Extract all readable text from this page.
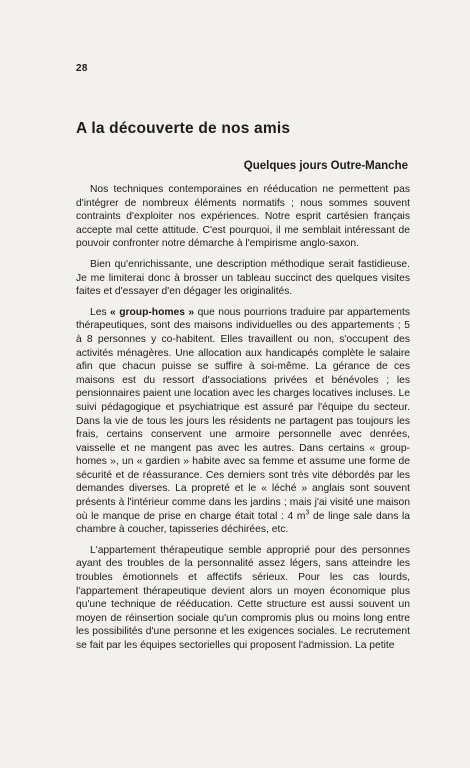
28
A la découverte de nos amis
Quelques jours Outre-Manche

Nos techniques contemporaines en rééducation ne permettent pas d'intégrer de nombreux éléments normatifs ; nous sommes souvent contraints d'exploiter nos expériences. Notre esprit cartésien français accepte mal cette attitude. C'est pourquoi, il me semblait intéressant de pouvoir confronter notre démarche à l'empirisme anglo-saxon.

Bien qu'enrichissante, une description méthodique serait fastidieuse. Je me limiterai donc à brosser un tableau succinct des quelques visites faites et d'essayer d'en dégager les originalités.

Les « group-homes » que nous pourrions traduire par appartements thérapeutiques, sont des maisons individuelles ou des appartements ; 5 à 8 personnes y co-habitent. Elles travaillent ou non, s'occupent des activités ménagères. Une allocation aux handicapés complète le salaire afin que chacun puisse se suffire à soi-même. La gérance de ces maisons est du ressort d'associations privées et bénévoles ; les pensionnaires paient une location avec les charges locatives incluses. Le suivi pédagogique et psychiatrique est assuré par l'équipe du secteur. Dans la vie de tous les jours les résidents ne partagent pas toujours les frais, certains conservent une armoire personnelle avec denrées, vaisselle et ne mangent pas avec les autres. Dans certains « group-homes », un « gardien » habite avec sa femme et assume une forme de sécurité et de réassurance. Ces derniers sont très vite débordés par les demandes diverses. La propreté et le « léché » anglais sont souvent présents à l'intérieur comme dans les jardins ; mais j'ai visité une maison où le manque de prise en charge était total : 4 $m^3$ de linge sale dans la chambre à coucher, tapisseries déchirées, etc.

L'appartement thérapeutique semble approprié pour des personnes ayant des troubles de la personnalité assez légers, sans atteindre les troubles émotionnels et affectifs sérieux. Pour les cas lourds, l'appartement thérapeutique devient alors un moyen économique plus qu'une technique de rééducation. Cette structure est aussi souvent un moyen de réinsertion sociale qu'un compromis plus ou moins long entre les possibilités d'une personne et les exigences sociales. Le recrutement se fait par les équipes sectorielles qui proposent l'admission. La petite
